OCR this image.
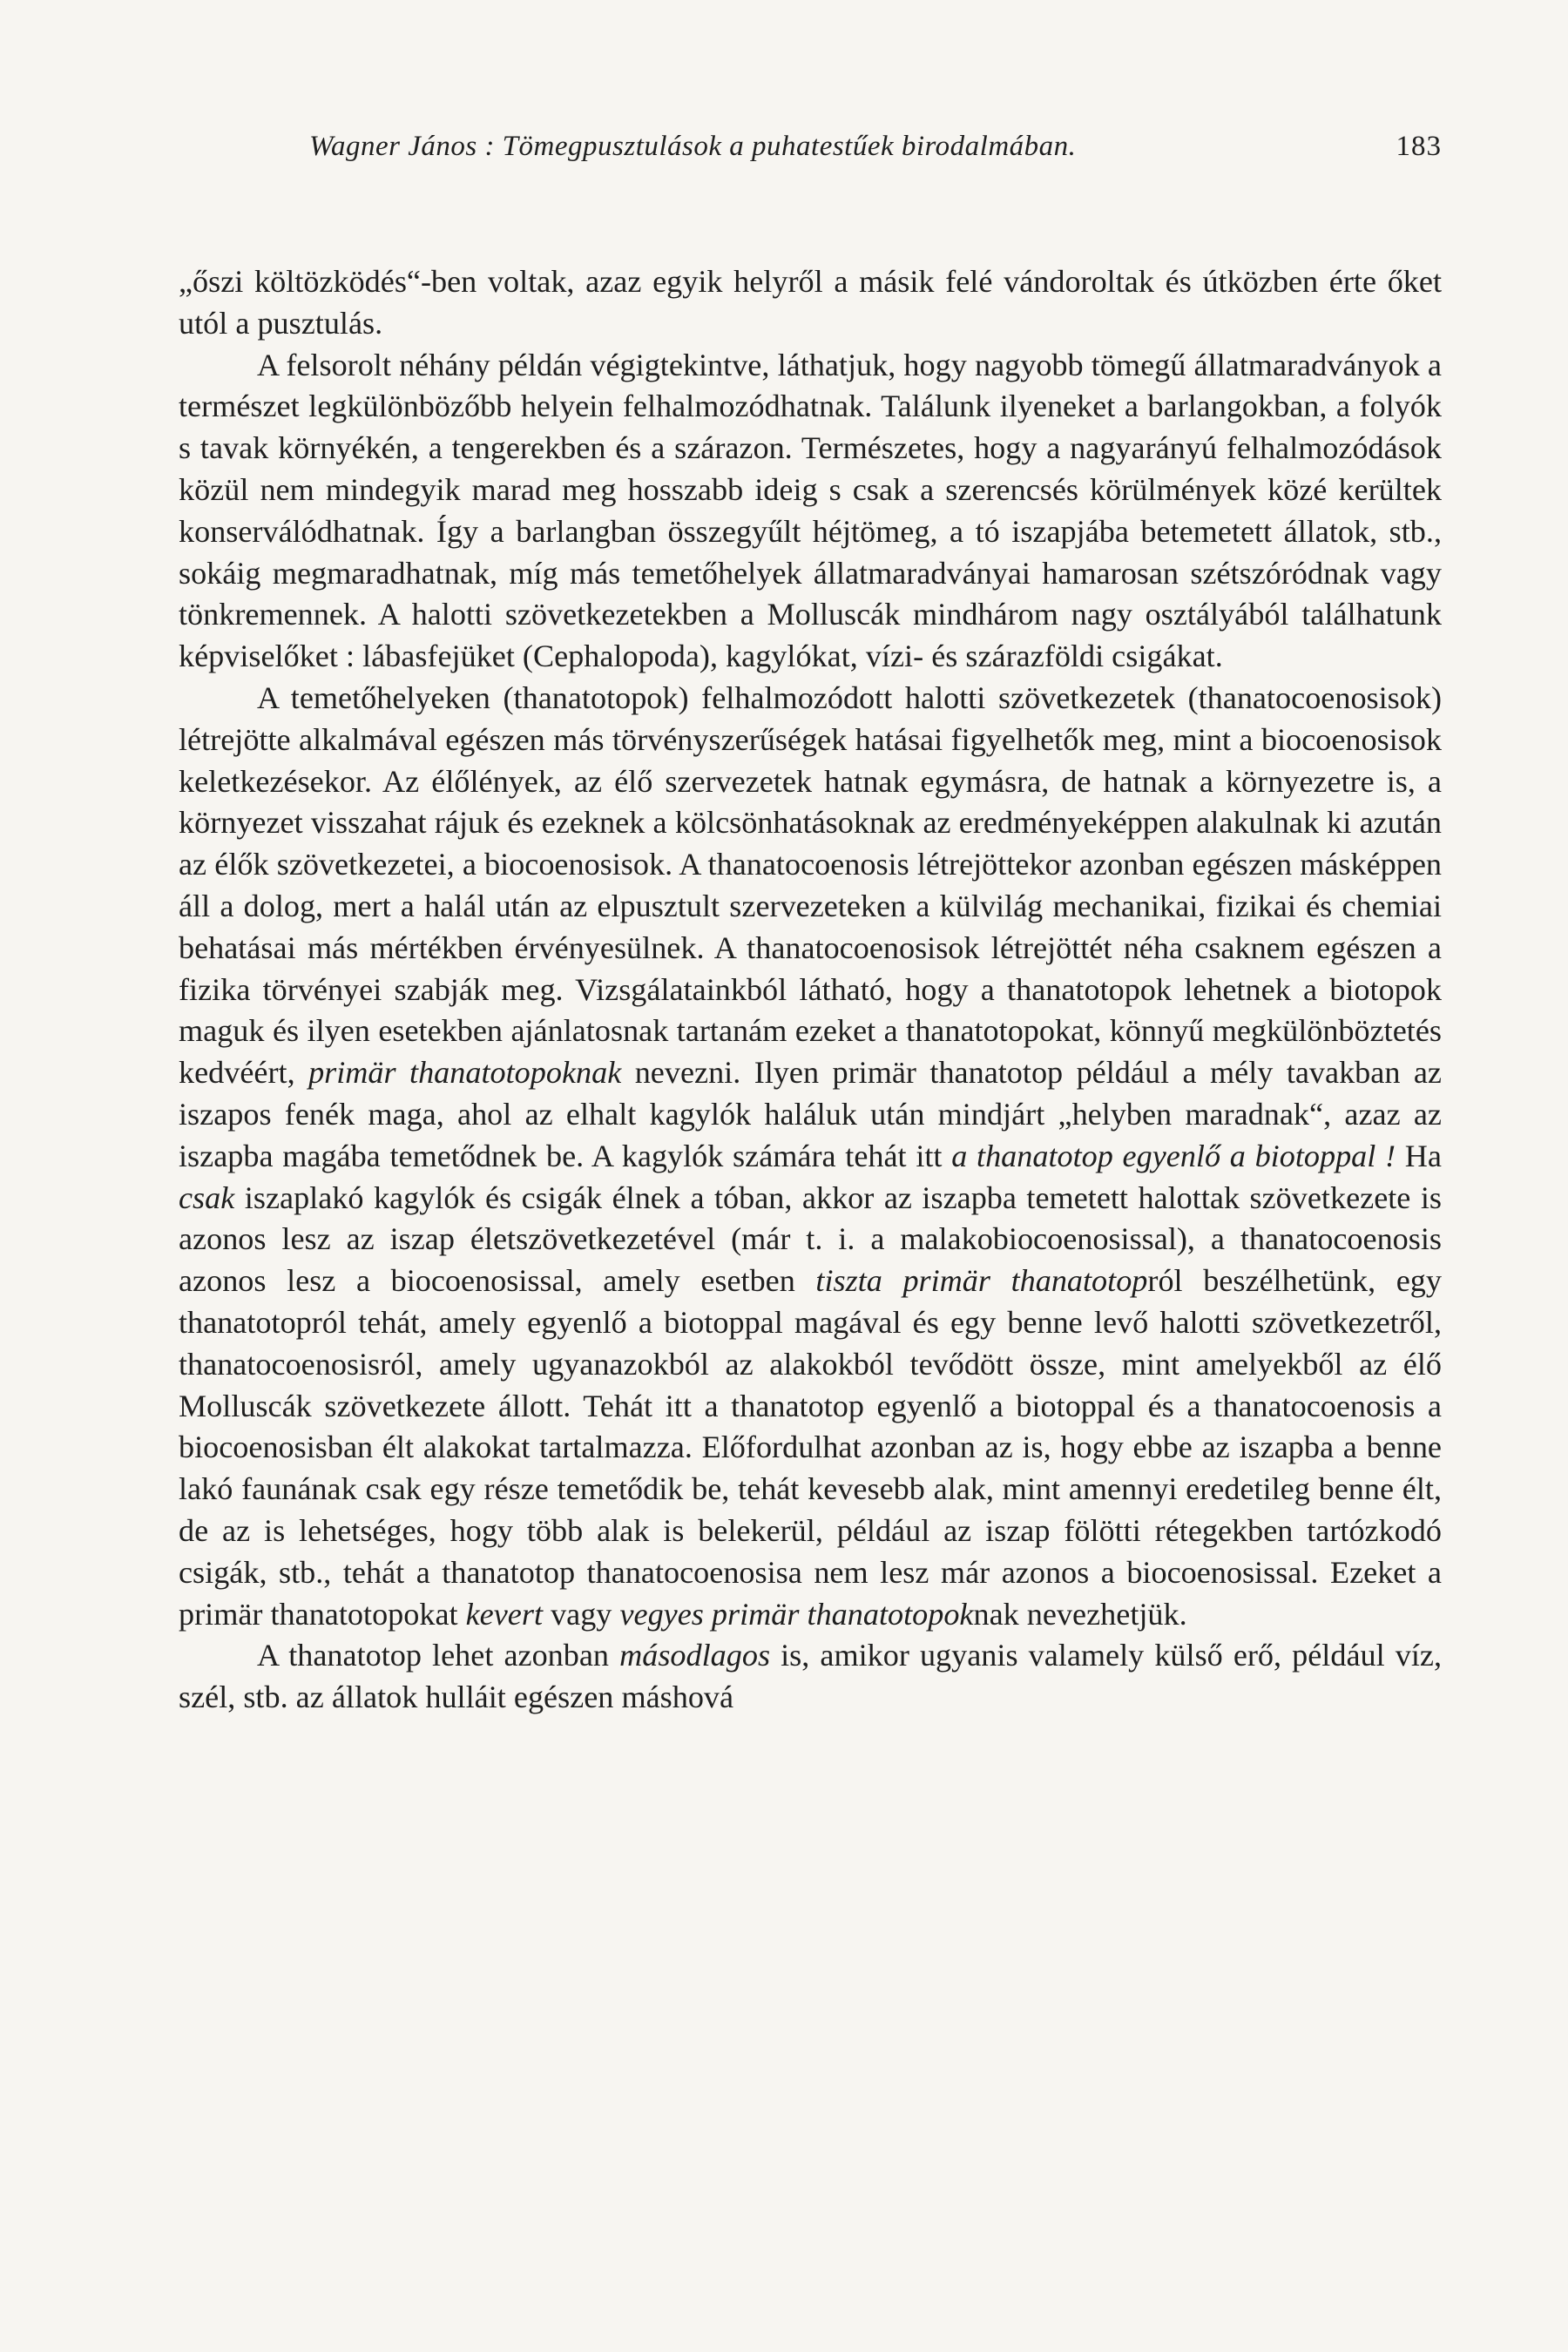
Wagner János : Tömegpusztulások a puhatestűek birodalmában.	183

„őszi költözködés“-ben voltak, azaz egyik helyről a másik felé vándoroltak és útközben érte őket utól a pusztulás.

A felsorolt néhány példán végigtekintve, láthatjuk, hogy nagyobb tömegű állatmaradványok a természet legkülönbözőbb helyein felhalmozódhatnak. Találunk ilyeneket a barlangokban, a folyók s tavak környékén, a tengerekben és a szárazon. Természetes, hogy a nagyarányú felhalmozódások közül nem mindegyik marad meg hosszabb ideig s csak a szerencsés körülmények közé kerültek konserválódhatnak. Így a barlangban összegyűlt héjtömeg, a tó iszapjába betemetett állatok, stb., sokáig megmaradhatnak, míg más temetőhelyek állatmaradványai hamarosan szétszóródnak vagy tönkremennek. A halotti szövetkezetekben a Molluscák mindhárom nagy osztályából találhatunk képviselőket : lábasfejüket (Cephalopoda), kagylókat, vízi- és szárazföldi csigákat.

A temetőhelyeken (thanatotopok) felhalmozódott halotti szövetkezetek (thanatocoenosisok) létrejötte alkalmával egészen más törvényszerűségek hatásai figyelhetők meg, mint a biocoenosisok keletkezésekor. Az élőlények, az élő szervezetek hatnak egymásra, de hatnak a környezetre is, a környezet visszahat rájuk és ezeknek a kölcsönhatásoknak az eredményeképpen alakulnak ki azután az élők szövetkezetei, a biocoenosisok. A thanatocoenosis létrejöttekor azonban egészen másképpen áll a dolog, mert a halál után az elpusztult szervezeteken a külvilág mechanikai, fizikai és chemiai behatásai más mértékben érvényesülnek. A thanatocoenosisok létrejöttét néha csaknem egészen a fizika törvényei szabják meg. Vizsgálatainkból látható, hogy a thanatotopok lehetnek a biotopok maguk és ilyen esetekben ajánlatosnak tartanám ezeket a thanatotopokat, könnyű megkülönböztetés kedvéért, primär thanatotopoknak nevezni. Ilyen primär thanatotop például a mély tavakban az iszapos fenék maga, ahol az elhalt kagylók haláluk után mindjárt „helyben maradnak“, azaz az iszapba magába temetődnek be. A kagylók számára tehát itt a thanatotop egyenlő a biotoppal ! Ha csak iszaplakó kagylók és csigák élnek a tóban, akkor az iszapba temetett halottak szövetkezete is azonos lesz az iszap életszövetkezetével (már t. i. a malakobiocoenosissal), a thanatocoenosis azonos lesz a biocoenosissal, amely esetben tiszta primär thanatotopról beszélhetünk, egy thanatotopról tehát, amely egyenlő a biotoppal magával és egy benne levő halotti szövetkezetről, thanatocoenosisról, amely ugyanazokból az alakokból tevődött össze, mint amelyekből az élő Molluscák szövetkezete állott. Tehát itt a thanatotop egyenlő a biotoppal és a thanatocoenosis a biocoenosisban élt alakokat tartalmazza. Előfordulhat azonban az is, hogy ebbe az iszapba a benne lakó faunának csak egy része temetődik be, tehát kevesebb alak, mint amennyi eredetileg benne élt, de az is lehetséges, hogy több alak is belekerül, például az iszap fölötti rétegekben tartózkodó csigák, stb., tehát a thanatotop thanatocoenosisa nem lesz már azonos a biocoenosissal. Ezeket a primär thanatotopokat kevert vagy vegyes primär thanatotopoknak nevezhetjük.

A thanatotop lehet azonban másodlagos is, amikor ugyanis valamely külső erő, például víz, szél, stb. az állatok hulláit egészen máshová
